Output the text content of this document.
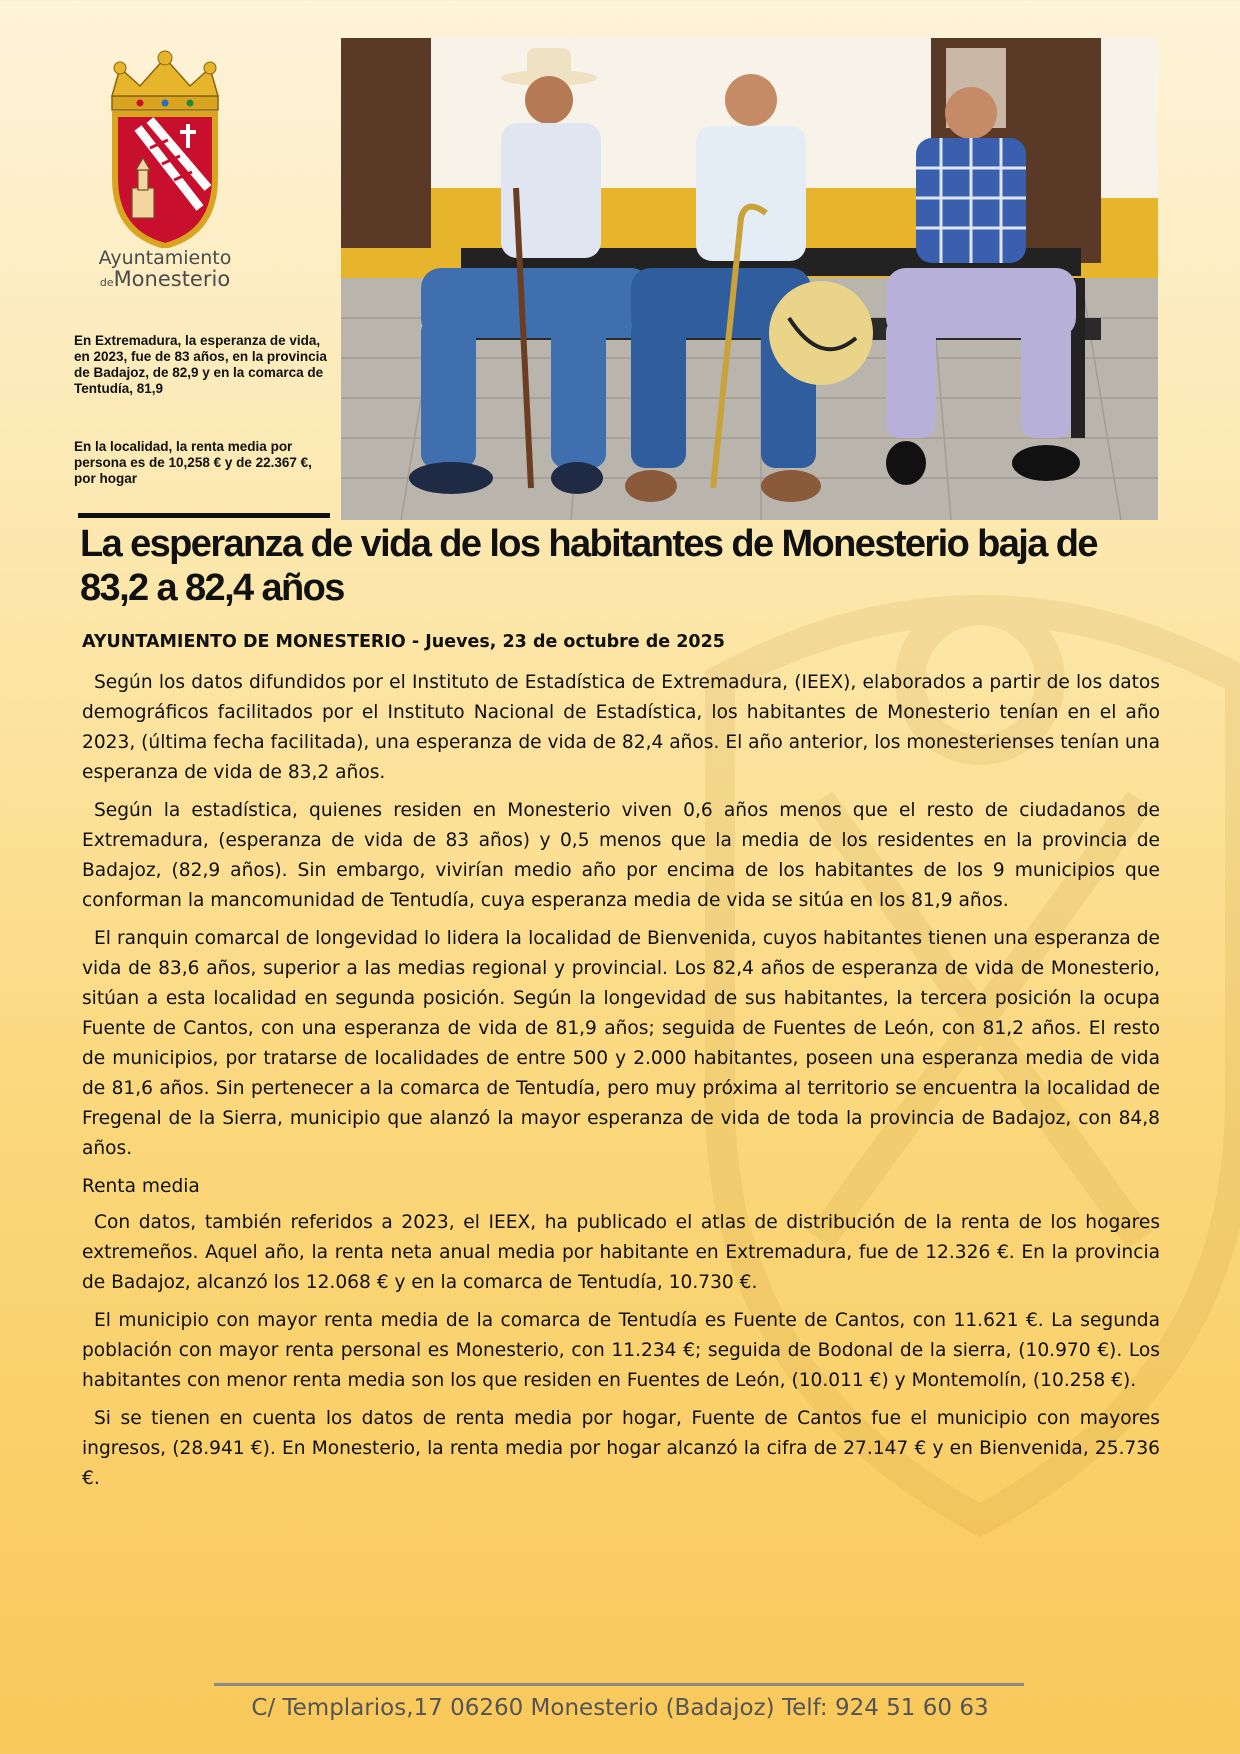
Ayuntamiento
deMonesterio

En Extremadura, la esperanza de vida, en 2023, fue de 83 años, en la provincia de Badajoz, de 82,9 y en la comarca de Tentudía, 81,9

En la localidad, la renta media por persona es de 10,258 € y de 22.367 €, por hogar

La esperanza de vida de los habitantes de Monesterio baja de 83,2 a 82,4 años

AYUNTAMIENTO DE MONESTERIO - Jueves, 23 de octubre de 2025

Según los datos difundidos por el Instituto de Estadística de Extremadura, (IEEX), elaborados a partir de los datos demográficos facilitados por el Instituto Nacional de Estadística, los habitantes de Monesterio tenían en el año 2023, (última fecha facilitada), una esperanza de vida de 82,4 años. El año anterior, los monesterienses tenían una esperanza de vida de 83,2 años.

Según la estadística, quienes residen en Monesterio viven 0,6 años menos que el resto de ciudadanos de Extremadura, (esperanza de vida de 83 años) y 0,5 menos que la media de los residentes en la provincia de Badajoz, (82,9 años). Sin embargo, vivirían medio año por encima de los habitantes de los 9 municipios que conforman la mancomunidad de Tentudía, cuya esperanza media de vida se sitúa en los 81,9 años.

El ranquin comarcal de longevidad lo lidera la localidad de Bienvenida, cuyos habitantes tienen una esperanza de vida de 83,6 años, superior a las medias regional y provincial. Los 82,4 años de esperanza de vida de Monesterio, sitúan a esta localidad en segunda posición. Según la longevidad de sus habitantes, la tercera posición la ocupa Fuente de Cantos, con una esperanza de vida de 81,9 años; seguida de Fuentes de León, con 81,2 años. El resto de municipios, por tratarse de localidades de entre 500 y 2.000 habitantes, poseen una esperanza media de vida de 81,6 años. Sin pertenecer a la comarca de Tentudía, pero muy próxima al territorio se encuentra la localidad de Fregenal de la Sierra, municipio que alanzó la mayor esperanza de vida de toda la provincia de Badajoz, con 84,8 años.

Renta media

Con datos, también referidos a 2023, el IEEX, ha publicado el atlas de distribución de la renta de los hogares extremeños. Aquel año, la renta neta anual media por habitante en Extremadura, fue de 12.326 €. En la provincia de Badajoz, alcanzó los 12.068 € y en la comarca de Tentudía, 10.730 €.

El municipio con mayor renta media de la comarca de Tentudía es Fuente de Cantos, con 11.621 €. La segunda población con mayor renta personal es Monesterio, con 11.234 €; seguida de Bodonal de la sierra, (10.970 €). Los habitantes con menor renta media son los que residen en Fuentes de León, (10.011 €) y Montemolín, (10.258 €).

Si se tienen en cuenta los datos de renta media por hogar, Fuente de Cantos fue el municipio con mayores ingresos, (28.941 €). En Monesterio, la renta media por hogar alcanzó la cifra de 27.147 € y en Bienvenida, 25.736 €.

C/ Templarios,17 06260 Monesterio (Badajoz) Telf: 924 51 60 63
